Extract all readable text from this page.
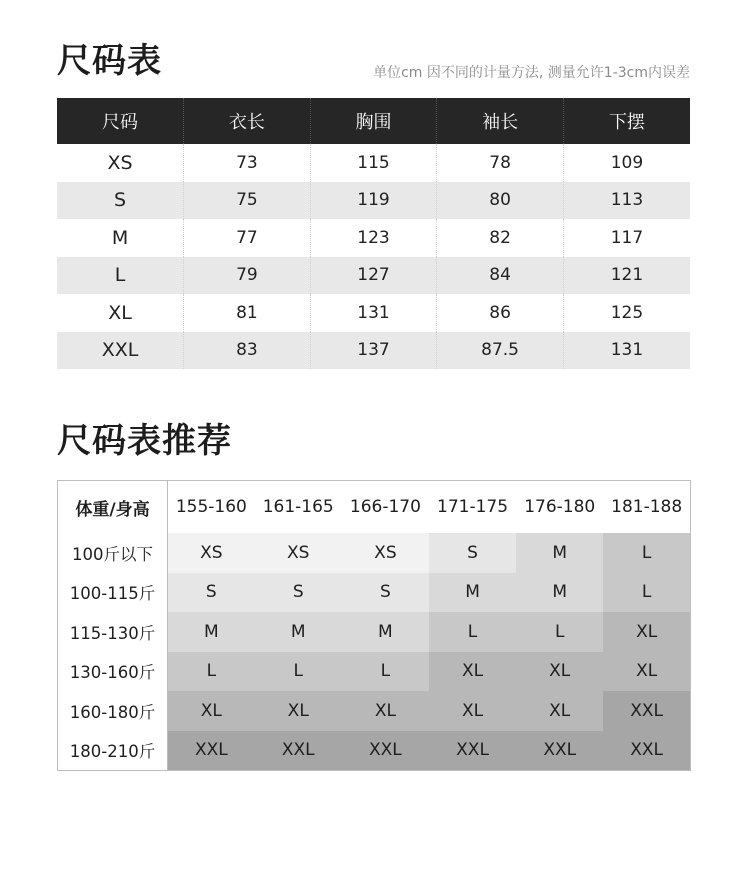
尺码表	单位cm 因不同的计量方法, 测量允许1-3cm内误差
尺码	衣长	胸围	袖长	下摆
XS	73	115	78	109
S	75	119	80	113
M	77	123	82	117
L	79	127	84	121
XL	81	131	86	125
XXL	83	137	87.5	131
尺码表推荐
体重/身高	155-160	161-165	166-170	171-175	176-180	181-188
100斤以下	XS	XS	XS	S	M	L
100-115斤	S	S	S	M	M	L
115-130斤	M	M	M	L	L	XL
130-160斤	L	L	L	XL	XL	XL
160-180斤	XL	XL	XL	XL	XL	XXL
180-210斤	XXL	XXL	XXL	XXL	XXL	XXL
